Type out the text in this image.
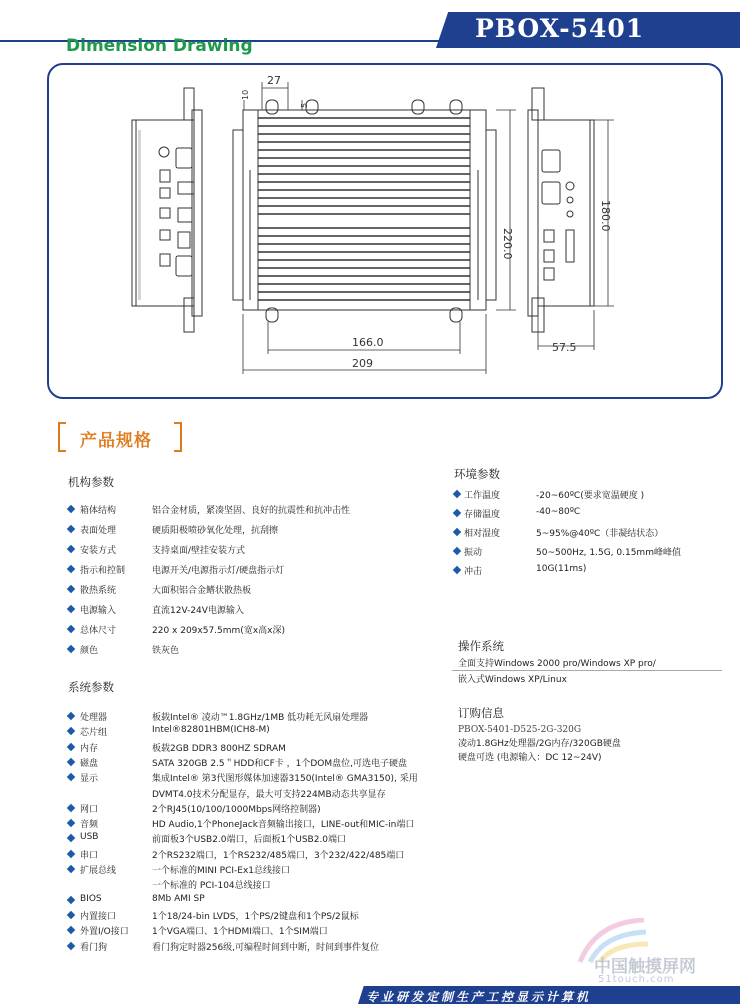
PBOX-5401
Dimension Drawing
27
10
5
166.0
209
220.0
180.0
57.5
产品规格
机构参数
箱体结构	铝合金材质，紧凑坚固、良好的抗震性和抗冲击性
表面处理	硬质阳极喷砂氧化处理，抗刮擦
安装方式	支持桌面/壁挂安装方式
指示和控制	电源开关/电源指示灯/硬盘指示灯
散热系统	大面积铝合金鳍状散热板
电源输入	直流12V-24V电源输入
总体尺寸	220 x 209x57.5mm(宽x高x深)
颜色	铁灰色
系统参数
处理器	板载Intel® 凌动™1.8GHz/1MB 低功耗无风扇处理器
芯片组	Intel®82801HBM(ICH8-M)
内存	板载2GB DDR3 800HZ SDRAM
磁盘	SATA 320GB 2.5＂HDD和CF卡 ，1个DOM盘位,可选电子硬盘
显示	集成Intel® 第3代图形媒体加速器3150(Intel® GMA3150), 采用
DVMT4.0技术分配显存，最大可支持224MB动态共享显存
网口	2个RJ45(10/100/1000Mbps网络控制器)
音频	HD Audio,1个PhoneJack音频输出接口，LINE-out和MIC-in端口
USB	前面板3个USB2.0端口，后面板1个USB2.0端口
串口	2个RS232端口，1个RS232/485端口，3个232/422/485端口
扩展总线	一个标准的MINI PCI-Ex1总线接口
一个标准的 PCI-104总线接口
BIOS	8Mb AMI SP
内置接口	1个18/24-bin LVDS，1个PS/2键盘和1个PS/2鼠标
外置I/O接口	1个VGA端口、1个HDMI端口、1个SIM端口
看门狗	看门狗定时器256级,可编程时间到中断，时间到事件复位
环境参数
工作温度	-20~60ºC(要求宽温硬度 )
存储温度	-40~80ºC
相对湿度	5~95%@40ºC（非凝结状态）
振动	50~500Hz, 1.5G, 0.15mm峰峰值
冲击	10G(11ms)
操作系统
全面支持Windows 2000 pro/Windows XP pro/
嵌入式Windows XP/Linux
订购信息
PBOX-5401-D525-2G-320G
凌动1.8GHz处理器/2G内存/320GB硬盘
硬盘可选 (电源输入：DC 12~24V)
中国触摸屏网
51touch.com
专业研发定制生产工控显示计算机
